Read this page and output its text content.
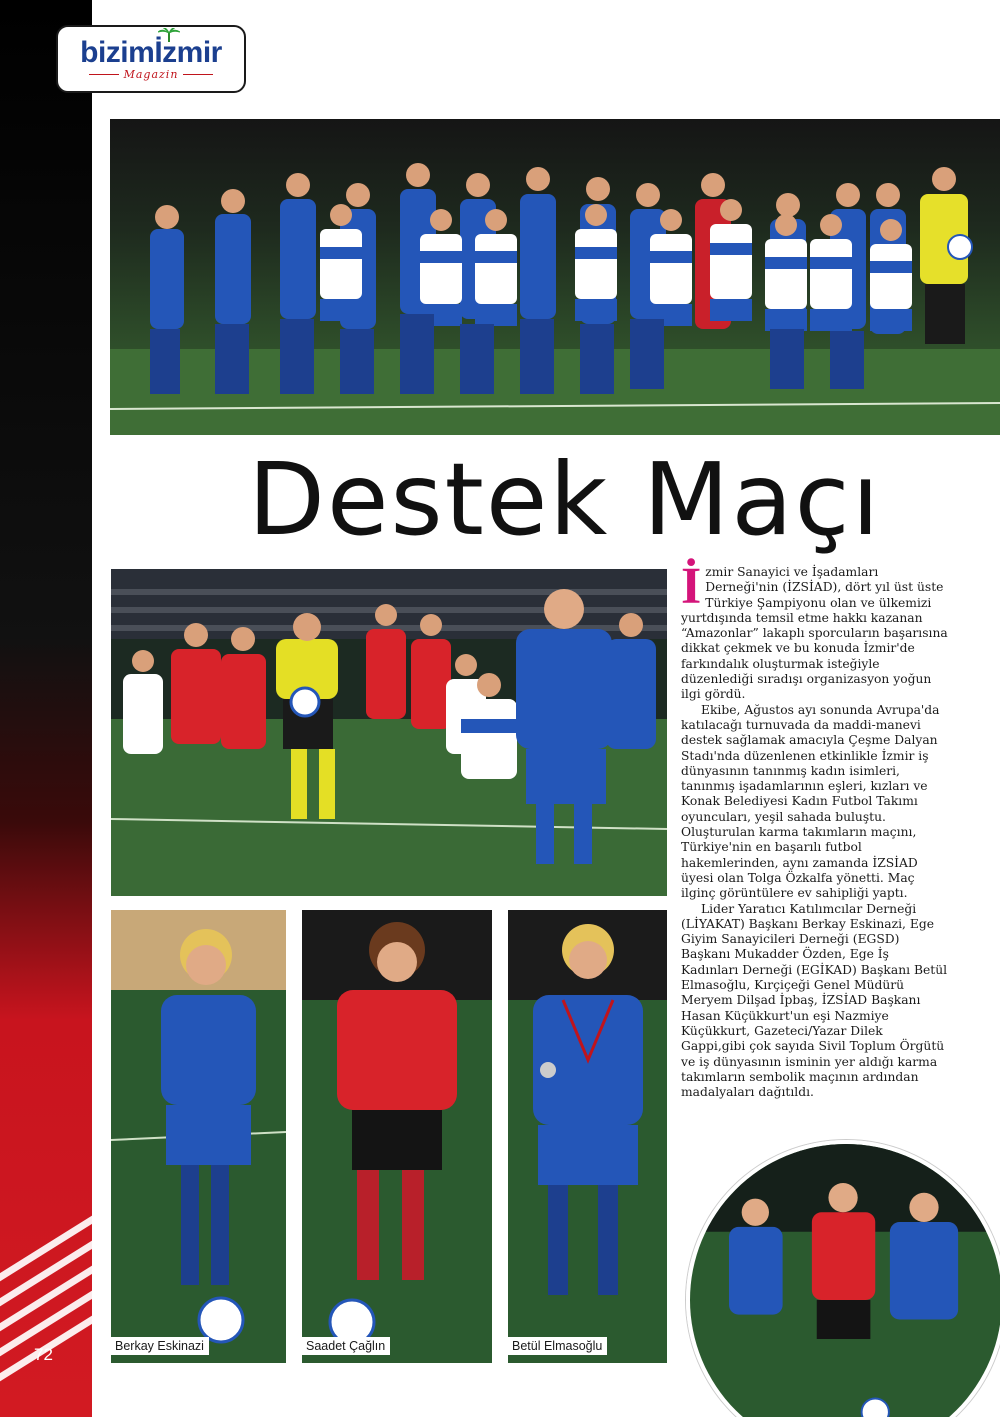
72
bizimİzmir
Magazin
Destek Maçı

İzmir Sanayici ve İşadamları Derneği'nin (İZSİAD), dört yıl üst üste Türkiye Şampiyonu olan ve ülkemizi yurtdışında temsil etme hakkı kazanan “Amazonlar” lakaplı sporcuların başarısına dikkat çekmek ve bu konuda İzmir'de farkındalık oluşturmak isteğiyle düzenlediği sıradışı organizasyon yoğun ilgi gördü.

Ekibe, Ağustos ayı sonunda Avrupa'da katılacağı turnuvada da maddi-manevi destek sağlamak amacıyla Çeşme Dalyan Stadı'nda düzenlenen etkinlikle İzmir iş dünyasının tanınmış kadın isimleri, tanınmış işadamlarının eşleri, kızları ve Konak Belediyesi Kadın Futbol Takımı oyuncuları, yeşil sahada buluştu. Oluşturulan karma takımların maçını, Türkiye'nin en başarılı futbol hakemlerinden, aynı zamanda İZSİAD üyesi olan Tolga Özkalfa yönetti. Maç ilginç görüntülere ev sahipliği yaptı.

Lider Yaratıcı Katılımcılar Derneği (LİYAKAT) Başkanı Berkay Eskinazi, Ege Giyim Sanayicileri Derneği (EGSD) Başkanı Mukadder Özden, Ege İş Kadınları Derneği (EGİKAD) Başkanı Betül Elmasoğlu, Kırçiçeği Genel Müdürü Meryem Dilşad İpbaş, İZSİAD Başkanı Hasan Küçükkurt'un eşi Nazmiye Küçükkurt, Gazeteci/Yazar Dilek Gappi,gibi çok sayıda Sivil Toplum Örgütü ve iş dünyasının isminin yer aldığı karma takımların sembolik maçının ardından madalyaları dağıtıldı.

Berkay Eskinazi	Saadet Çağlın	Betül Elmasoğlu
